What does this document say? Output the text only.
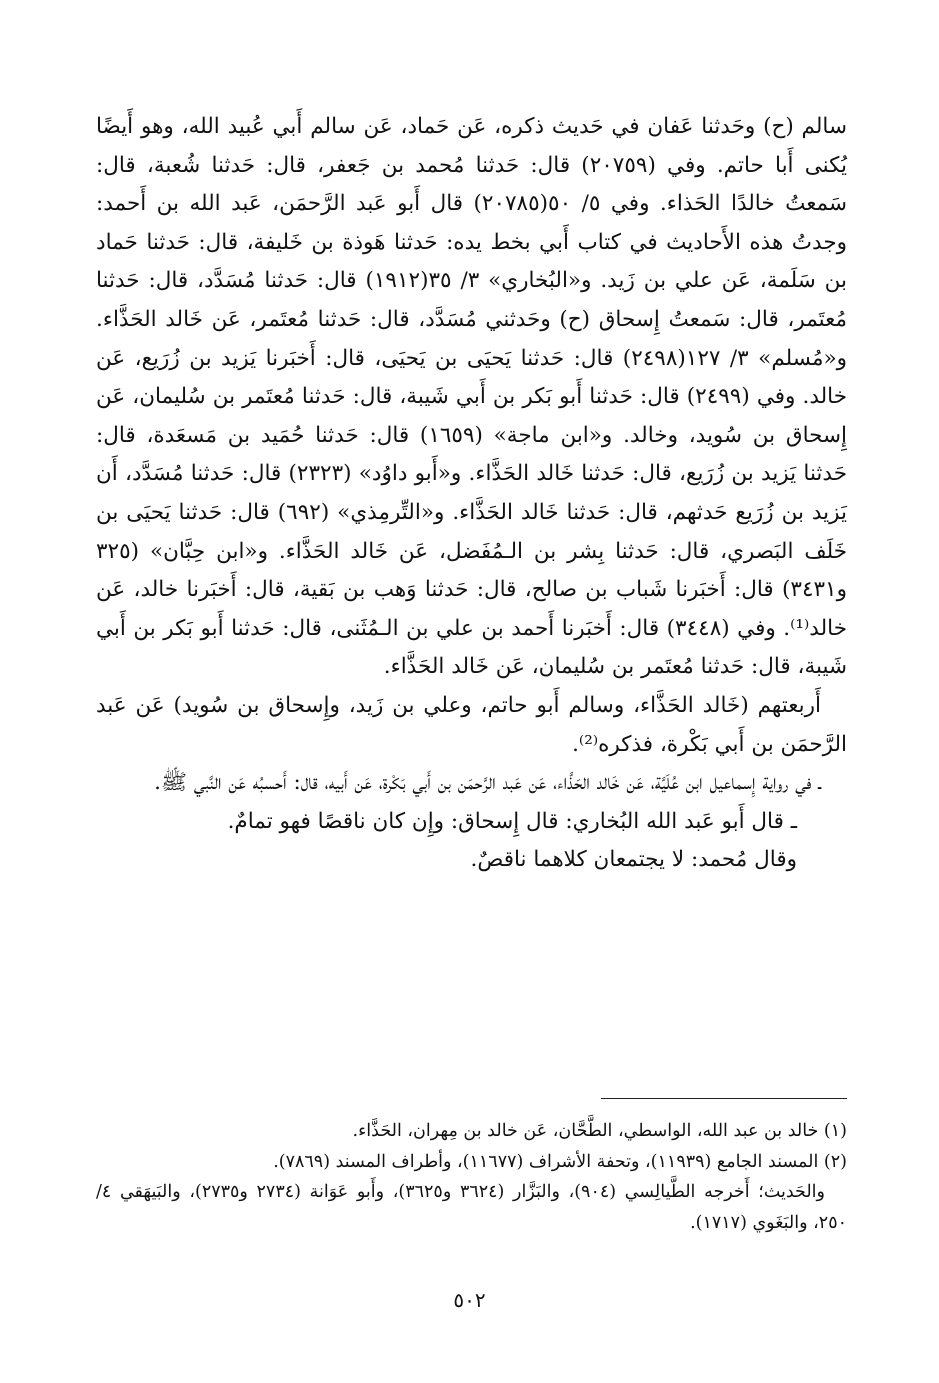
سالم (ح) وحَدثنا عَفان في حَديث ذكره، عَن حَماد، عَن سالم أَبي عُبيد الله، وهو أَيضًا يُكنى أَبا حاتم. وفي (٢٠٧٥٩) قال: حَدثنا مُحمد بن جَعفر، قال: حَدثنا شُعبة، قال: سَمعتُ خالدًا الحَذاء. وفي ٥/ ٥٠(٢٠٧٨٥) قال أَبو عَبد الرَّحمَن، عَبد الله بن أَحمد: وجدتُ هذه الأَحاديث في كتاب أَبي بخط يده: حَدثنا هَوذة بن خَليفة، قال: حَدثنا حَماد بن سَلَمة، عَن علي بن زَيد. و«البُخاري» ٣/ ٣٥(١٩١٢) قال: حَدثنا مُسَدَّد، قال: حَدثنا مُعتَمر، قال: سَمعتُ إِسحاق (ح) وحَدثني مُسَدَّد، قال: حَدثنا مُعتَمر، عَن خَالد الحَذَّاء. و«مُسلم» ٣/ ١٢٧(٢٤٩٨) قال: حَدثنا يَحيَى بن يَحيَى، قال: أَخبَرنا يَزيد بن زُرَيع، عَن خالد. وفي (٢٤٩٩) قال: حَدثنا أَبو بَكر بن أَبي شَيبة، قال: حَدثنا مُعتَمر بن سُليمان، عَن إِسحاق بن سُويد، وخالد. و«ابن ماجة» (١٦٥٩) قال: حَدثنا حُمَيد بن مَسعَدة، قال: حَدثنا يَزيد بن زُرَيع، قال: حَدثنا خَالد الحَذَّاء. و«أَبو داوُد» (٢٣٢٣) قال: حَدثنا مُسَدَّد، أَن يَزيد بن زُرَيع حَدثهم، قال: حَدثنا خَالد الحَذَّاء. و«التِّرمِذي» (٦٩٢) قال: حَدثنا يَحيَى بن خَلَف البَصري، قال: حَدثنا بِشر بن الـمُفَضل، عَن خَالد الحَذَّاء. و«ابن حِبَّان» (٣٢٥ و٣٤٣١) قال: أَخبَرنا شَباب بن صالح، قال: حَدثنا وَهب بن بَقية، قال: أَخبَرنا خالد، عَن خالد⁽¹⁾. وفي (٣٤٤٨) قال: أَخبَرنا أَحمد بن علي بن الـمُثَنى، قال: حَدثنا أَبو بَكر بن أَبي شَيبة، قال: حَدثنا مُعتَمر بن سُليمان، عَن خَالد الحَذَّاء.

أَربعتهم (خَالد الحَذَّاء، وسالم أَبو حاتم، وعلي بن زَيد، وإِسحاق بن سُويد) عَن عَبد الرَّحمَن بن أَبي بَكْرة، فذكره⁽²⁾.

ـ في رواية إِسماعيل ابن عُلَيَّة، عَن خَالد الحَذَّاء، عَن عَبد الرَّحمَن بن أَبي بَكْرة، عَن أَبيه، قال: أَحسبُه عَن النَّبي ﷺ.

ـ قال أَبو عَبد الله البُخاري: قال إِسحاق: وإِن كان ناقصًا فهو تمامٌ.

وقال مُحمد: لا يجتمعان كلاهما ناقصٌ.

(١) خالد بن عبد الله، الواسطي، الطَّحَّان، عَن خالد بن مِهران، الحَذَّاء.

(٢) المسند الجامع (١١٩٣٩)، وتحفة الأشراف (١١٦٧٧)، وأطراف المسند (٧٨٦٩).

والحَديث؛ أَخرجه الطَّيالِسي (٩٠٤)، والبَزَّار (٣٦٢٤ و٣٦٢٥)، وأَبو عَوَانة (٢٧٣٤ و٢٧٣٥)، والبَيهَقي ٤/ ٢٥٠، والبَغَوي (١٧١٧).

٥٠٢
